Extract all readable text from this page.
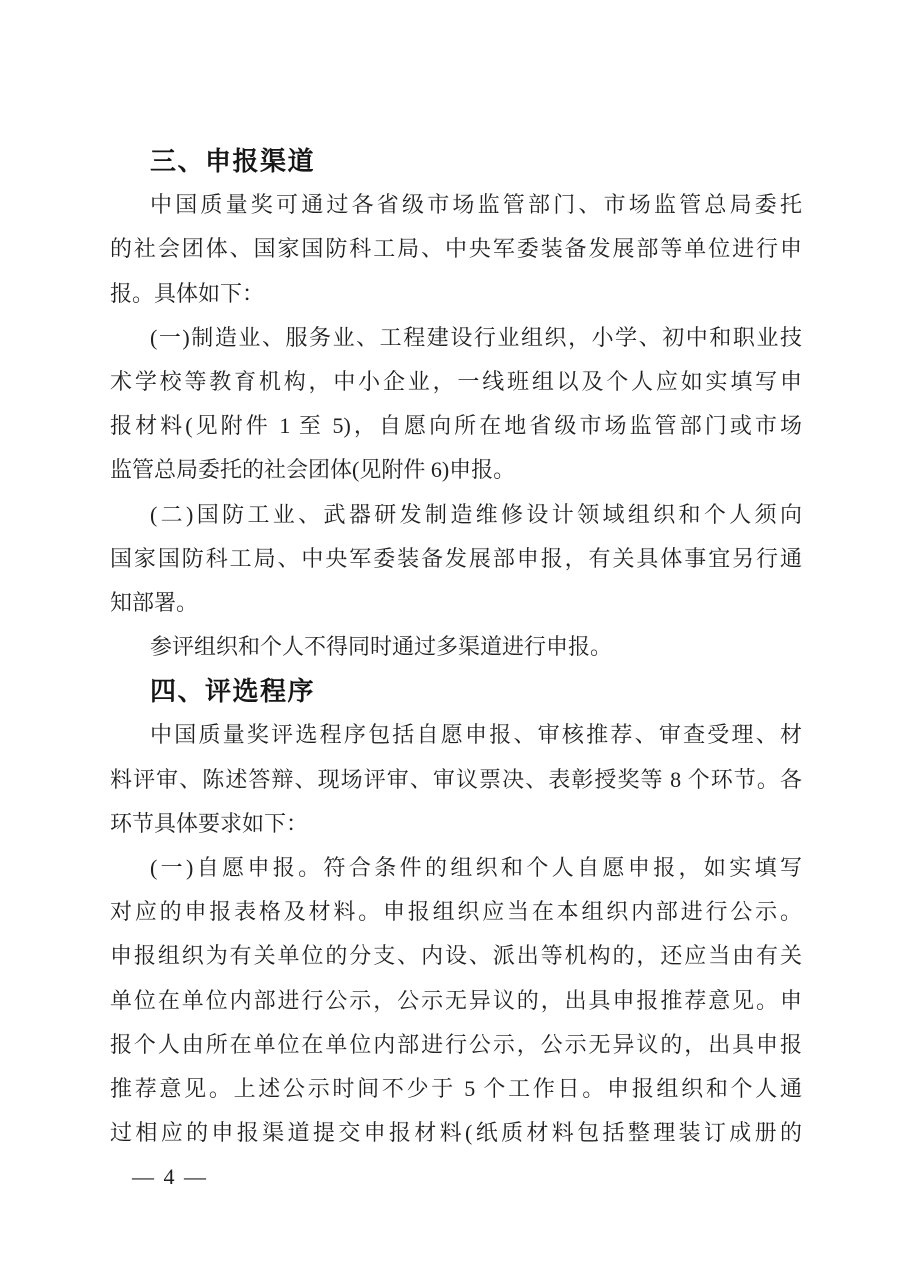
三、申报渠道
中国质量奖可通过各省级市场监管部门、市场监管总局委托
的社会团体、国家国防科工局、中央军委装备发展部等单位进行申
报。具体如下：
(一)制造业、服务业、工程建设行业组织，小学、初中和职业技
术学校等教育机构，中小企业，一线班组以及个人应如实填写申
报材料(见附件 1 至 5)，自愿向所在地省级市场监管部门或市场
监管总局委托的社会团体(见附件 6)申报。
(二)国防工业、武器研发制造维修设计领域组织和个人须向
国家国防科工局、中央军委装备发展部申报，有关具体事宜另行通
知部署。
参评组织和个人不得同时通过多渠道进行申报。
四、评选程序
中国质量奖评选程序包括自愿申报、审核推荐、审查受理、材
料评审、陈述答辩、现场评审、审议票决、表彰授奖等 8 个环节。各
环节具体要求如下：
(一)自愿申报。符合条件的组织和个人自愿申报，如实填写
对应的申报表格及材料。申报组织应当在本组织内部进行公示。
申报组织为有关单位的分支、内设、派出等机构的，还应当由有关
单位在单位内部进行公示，公示无异议的，出具申报推荐意见。申
报个人由所在单位在单位内部进行公示，公示无异议的，出具申报
推荐意见。上述公示时间不少于 5 个工作日。申报组织和个人通
过相应的申报渠道提交申报材料(纸质材料包括整理装订成册的
— 4 —
